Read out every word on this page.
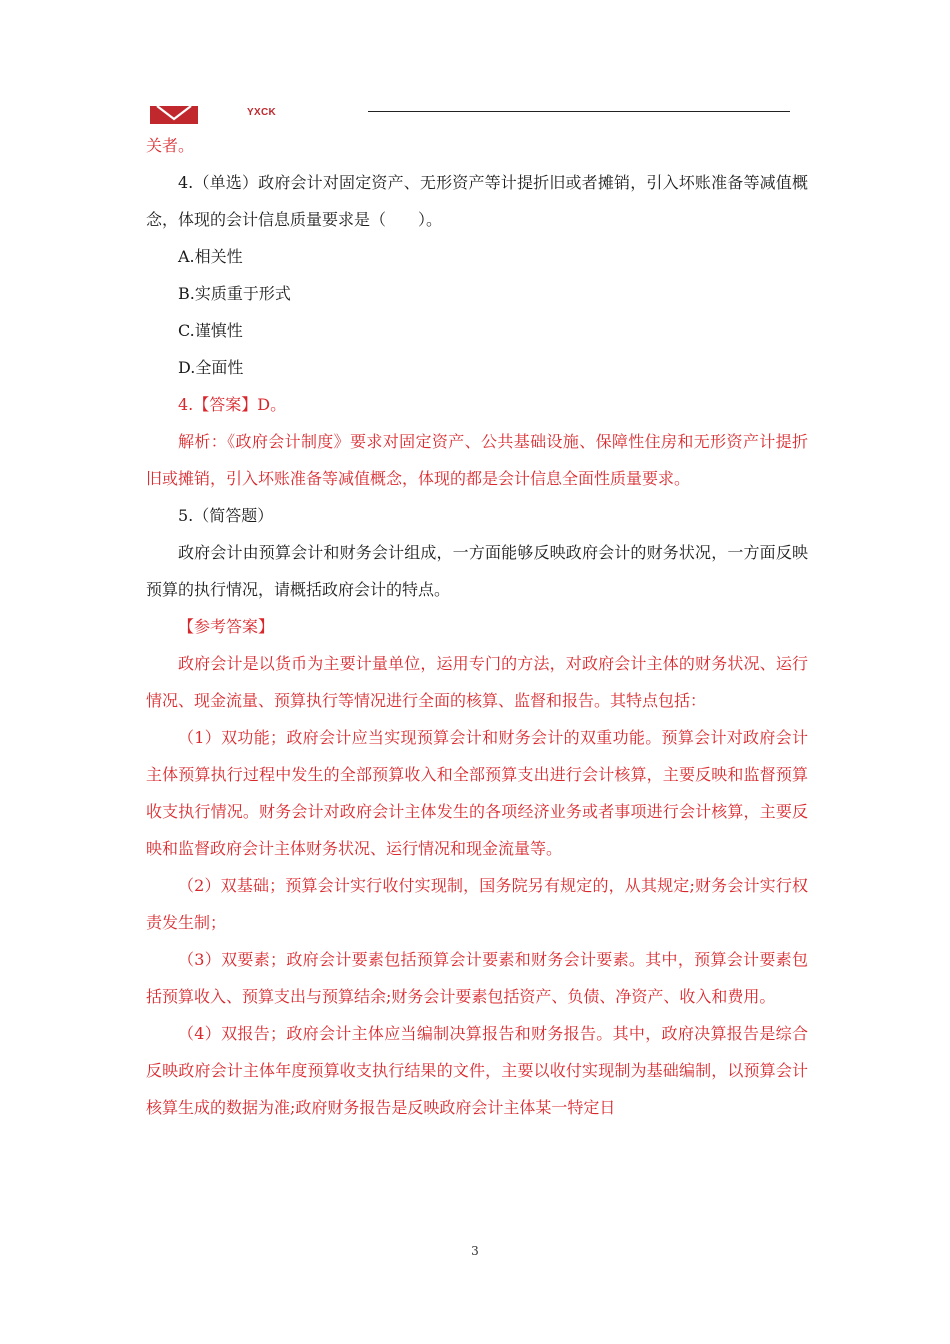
YXCK

关者。

4.（单选）政府会计对固定资产、无形资产等计提折旧或者摊销，引入坏账准备等减值概念，体现的会计信息质量要求是（　　）。

A.相关性

B.实质重于形式

C.谨慎性

D.全面性

4.【答案】D。

解析：《政府会计制度》要求对固定资产、公共基础设施、保障性住房和无形资产计提折旧或摊销，引入坏账准备等减值概念，体现的都是会计信息全面性质量要求。

5.（简答题）

政府会计由预算会计和财务会计组成，一方面能够反映政府会计的财务状况，一方面反映预算的执行情况，请概括政府会计的特点。

【参考答案】

政府会计是以货币为主要计量单位，运用专门的方法，对政府会计主体的财务状况、运行情况、现金流量、预算执行等情况进行全面的核算、监督和报告。其特点包括：

（1）双功能；政府会计应当实现预算会计和财务会计的双重功能。预算会计对政府会计主体预算执行过程中发生的全部预算收入和全部预算支出进行会计核算，主要反映和监督预算收支执行情况。财务会计对政府会计主体发生的各项经济业务或者事项进行会计核算，主要反映和监督政府会计主体财务状况、运行情况和现金流量等。

（2）双基础；预算会计实行收付实现制，国务院另有规定的，从其规定;财务会计实行权责发生制；

（3）双要素；政府会计要素包括预算会计要素和财务会计要素。其中，预算会计要素包括预算收入、预算支出与预算结余;财务会计要素包括资产、负债、净资产、收入和费用。

（4）双报告；政府会计主体应当编制决算报告和财务报告。其中，政府决算报告是综合反映政府会计主体年度预算收支执行结果的文件，主要以收付实现制为基础编制，以预算会计核算生成的数据为准;政府财务报告是反映政府会计主体某一特定日

3
